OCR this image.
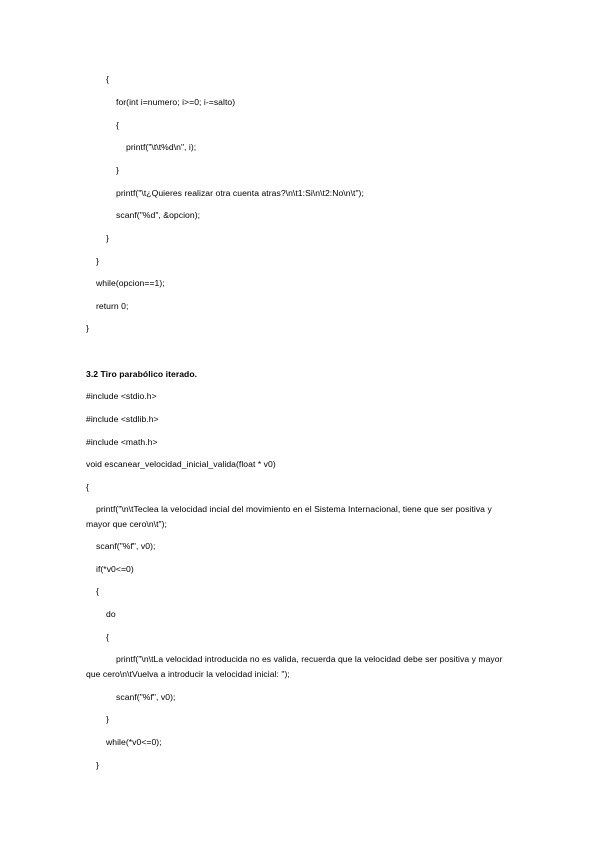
{
for(int i=numero; i>=0; i-=salto)
{
printf("\t\t%d\n", i);
}
printf("\t¿Quieres realizar otra cuenta atras?\n\t1:Si\n\t2:No\n\t");
scanf("%d", &opcion);
}
}
while(opcion==1);
return 0;
}
3.2 Tiro parabólico iterado.
#include <stdio.h>
#include <stdlib.h>
#include <math.h>
void escanear_velocidad_inicial_valida(float * v0)
{
printf("\n\tTeclea la velocidad incial del movimiento en el Sistema Internacional, tiene que ser positiva y mayor que cero\n\t");
scanf("%f", v0);
if(*v0<=0)
{
do
{
printf("\n\tLa velocidad introducida no es valida, recuerda que la velocidad debe ser positiva y mayor que cero\n\tVuelva a introducir la velocidad inicial: ");
scanf("%f", v0);
}
while(*v0<=0);
}
